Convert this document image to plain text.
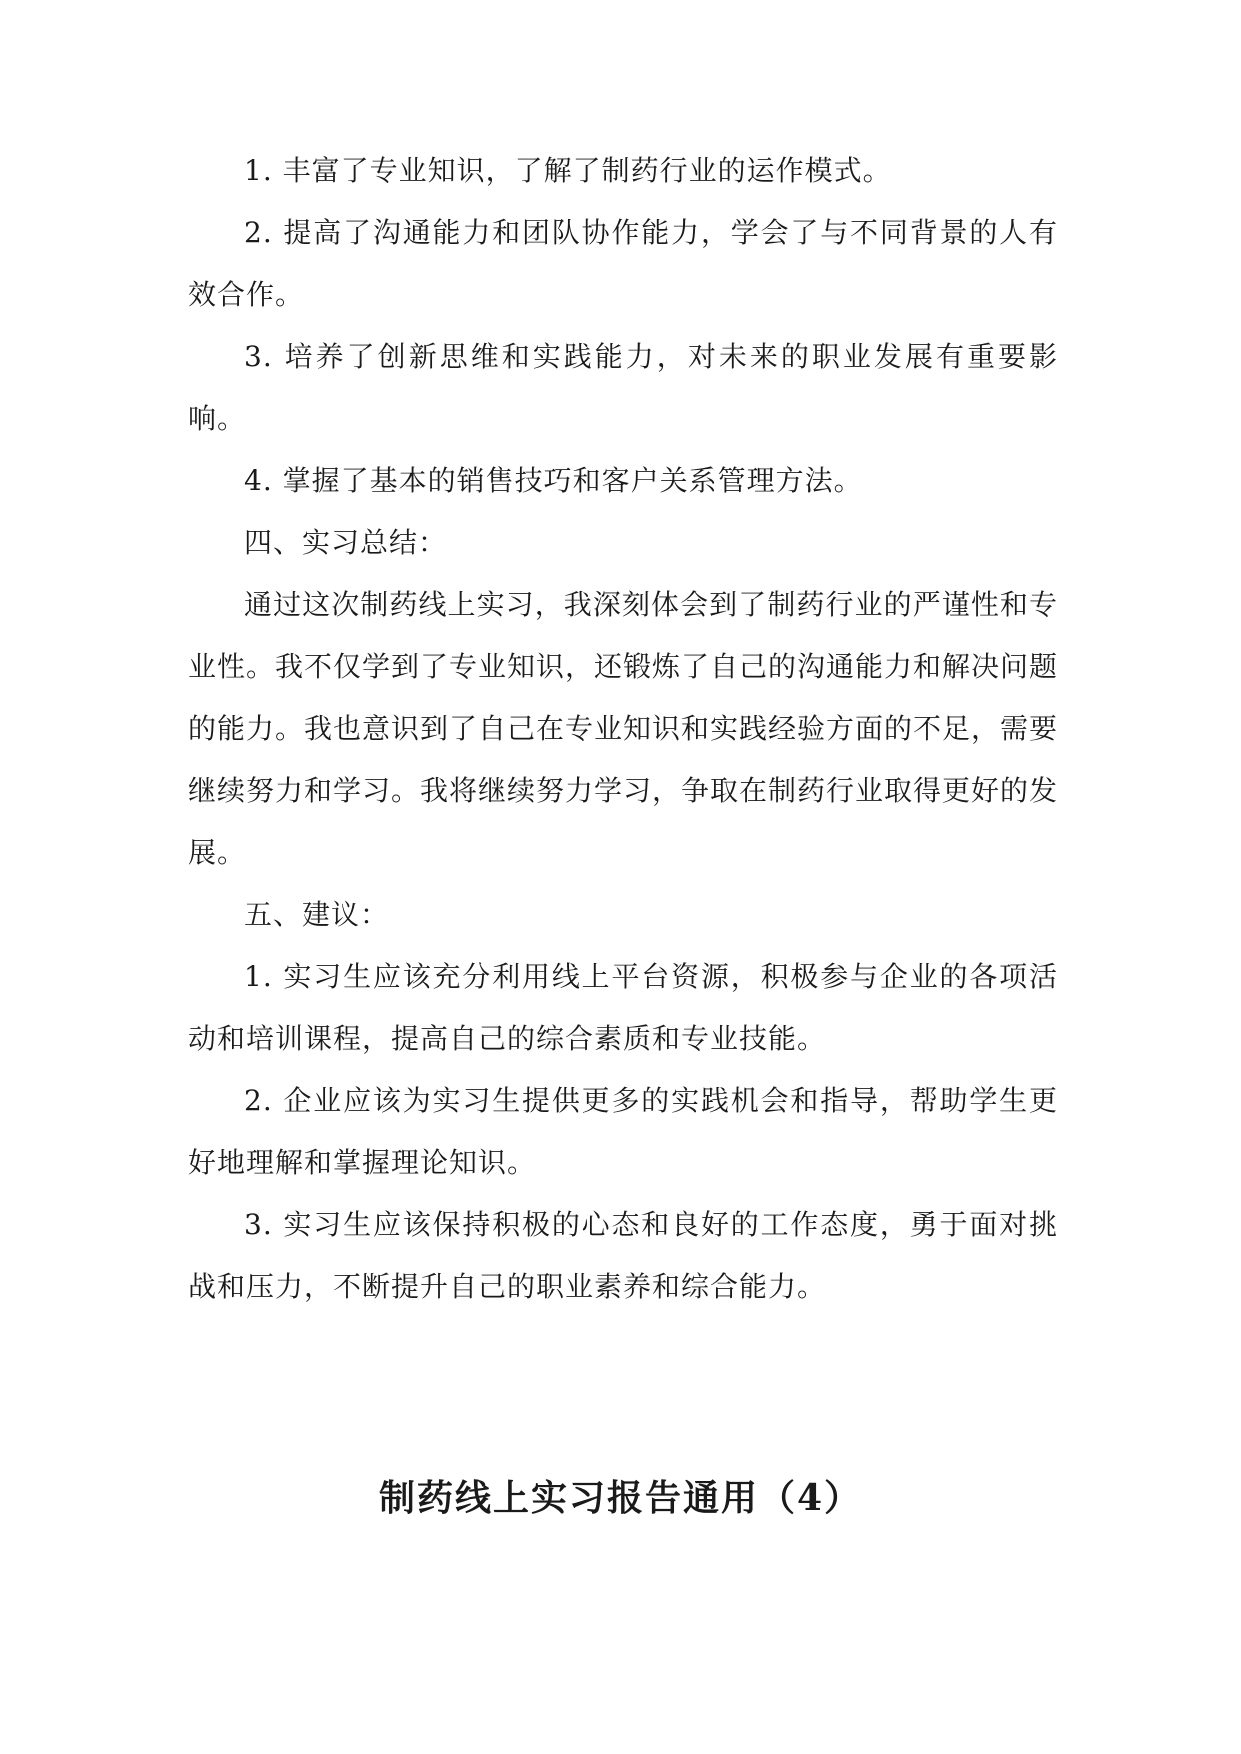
1. 丰富了专业知识，了解了制药行业的运作模式。

2. 提高了沟通能力和团队协作能力，学会了与不同背景的人有效合作。

3. 培养了创新思维和实践能力，对未来的职业发展有重要影响。

4. 掌握了基本的销售技巧和客户关系管理方法。

四、实习总结：

通过这次制药线上实习，我深刻体会到了制药行业的严谨性和专业性。我不仅学到了专业知识，还锻炼了自己的沟通能力和解决问题的能力。我也意识到了自己在专业知识和实践经验方面的不足，需要继续努力和学习。我将继续努力学习，争取在制药行业取得更好的发展。

五、建议：

1. 实习生应该充分利用线上平台资源，积极参与企业的各项活动和培训课程，提高自己的综合素质和专业技能。

2. 企业应该为实习生提供更多的实践机会和指导，帮助学生更好地理解和掌握理论知识。

3. 实习生应该保持积极的心态和良好的工作态度，勇于面对挑战和压力，不断提升自己的职业素养和综合能力。

制药线上实习报告通用（4）
